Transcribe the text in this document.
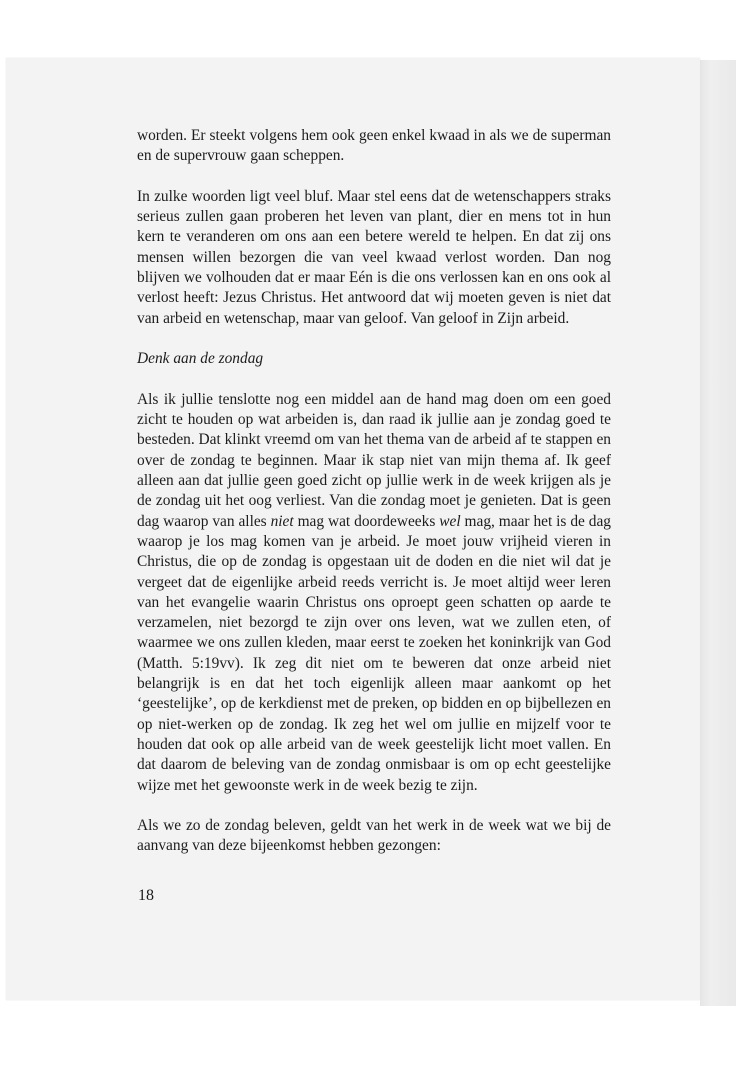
worden. Er steekt volgens hem ook geen enkel kwaad in als we de superman en de supervrouw gaan scheppen.

In zulke woorden ligt veel bluf. Maar stel eens dat de wetenschappers straks serieus zullen gaan proberen het leven van plant, dier en mens tot in hun kern te veranderen om ons aan een betere wereld te helpen. En dat zij ons mensen willen bezorgen die van veel kwaad verlost worden. Dan nog blijven we volhouden dat er maar Eén is die ons verlossen kan en ons ook al verlost heeft: Jezus Christus. Het antwoord dat wij moeten geven is niet dat van arbeid en wetenschap, maar van geloof. Van geloof in Zijn arbeid.

Denk aan de zondag

Als ik jullie tenslotte nog een middel aan de hand mag doen om een goed zicht te houden op wat arbeiden is, dan raad ik jullie aan je zondag goed te besteden. Dat klinkt vreemd om van het thema van de arbeid af te stappen en over de zondag te beginnen. Maar ik stap niet van mijn thema af. Ik geef alleen aan dat jullie geen goed zicht op jullie werk in de week krijgen als je de zondag uit het oog verliest. Van die zondag moet je genieten. Dat is geen dag waarop van alles niet mag wat doordeweeks wel mag, maar het is de dag waarop je los mag komen van je arbeid. Je moet jouw vrijheid vieren in Christus, die op de zondag is opgestaan uit de doden en die niet wil dat je vergeet dat de eigenlijke arbeid reeds verricht is. Je moet altijd weer leren van het evangelie waarin Christus ons oproept geen schatten op aarde te verzamelen, niet bezorgd te zijn over ons leven, wat we zullen eten, of waarmee we ons zullen kleden, maar eerst te zoeken het koninkrijk van God (Matth. 5:19vv). Ik zeg dit niet om te beweren dat onze arbeid niet belangrijk is en dat het toch eigenlijk alleen maar aankomt op het ‘geestelijke’, op de kerkdienst met de preken, op bidden en op bijbellezen en op niet-werken op de zondag. Ik zeg het wel om jullie en mijzelf voor te houden dat ook op alle arbeid van de week geestelijk licht moet vallen. En dat daarom de beleving van de zondag onmisbaar is om op echt geestelijke wijze met het gewoonste werk in de week bezig te zijn.

Als we zo de zondag beleven, geldt van het werk in de week wat we bij de aanvang van deze bijeenkomst hebben gezongen:

18
